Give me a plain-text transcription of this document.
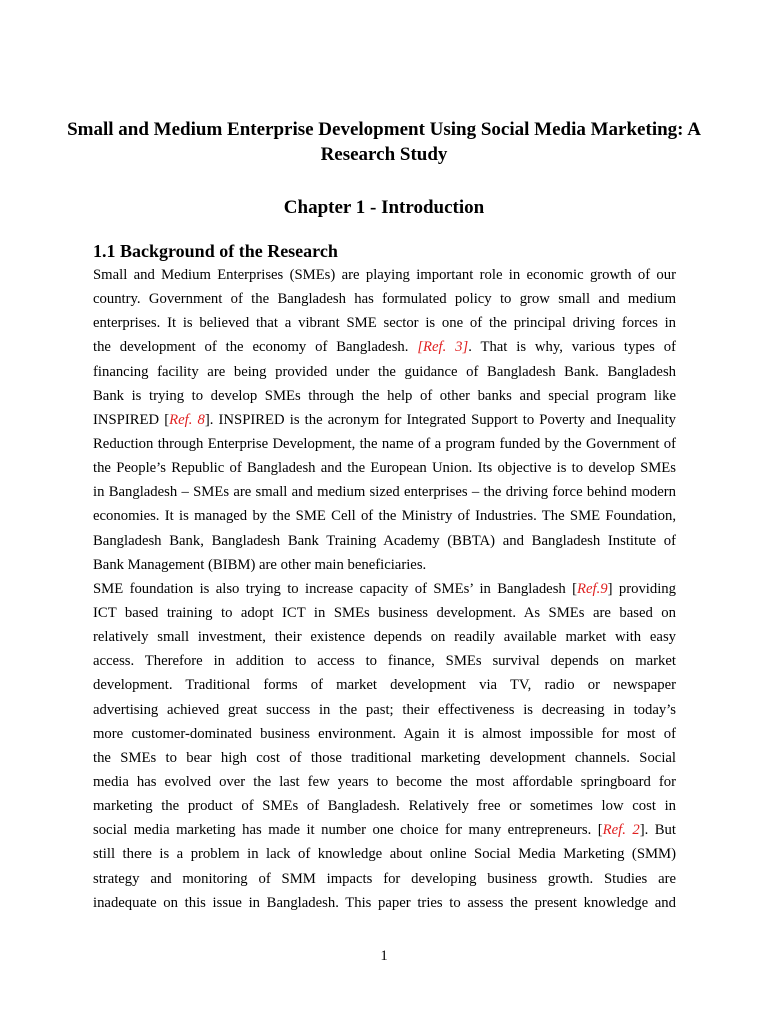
Small and Medium Enterprise Development Using Social Media Marketing: A Research Study
Chapter 1 - Introduction
1.1 Background of the Research
Small and Medium Enterprises (SMEs) are playing important role in economic growth of our
country. Government of the Bangladesh has formulated policy to grow small and medium
enterprises. It is believed that a vibrant SME sector is one of the principal driving forces in
the development of the economy of Bangladesh. [Ref. 3]. That is why, various types of
financing facility are being provided under the guidance of Bangladesh Bank. Bangladesh
Bank is trying to develop SMEs through the help of other banks and special program like
INSPIRED [Ref. 8]. INSPIRED is the acronym for Integrated Support to Poverty and Inequality
Reduction through Enterprise Development, the name of a program funded by the Government of
the People’s Republic of Bangladesh and the European Union. Its objective is to develop SMEs
in Bangladesh – SMEs are small and medium sized enterprises – the driving force behind modern
economies. It is managed by the SME Cell of the Ministry of Industries. The SME Foundation,
Bangladesh Bank, Bangladesh Bank Training Academy (BBTA) and Bangladesh Institute of
Bank Management (BIBM) are other main beneficiaries.
SME foundation is also trying to increase capacity of SMEs’ in Bangladesh [Ref.9] providing
ICT based training to adopt ICT in SMEs business development. As SMEs are based on
relatively small investment, their existence depends on readily available market with easy
access. Therefore in addition to access to finance, SMEs survival depends on market
development. Traditional forms of market development via TV, radio or newspaper
advertising achieved great success in the past; their effectiveness is decreasing in today’s
more customer-dominated business environment. Again it is almost impossible for most of
the SMEs to bear high cost of those traditional marketing development channels. Social
media has evolved over the last few years to become the most affordable springboard for
marketing the product of SMEs of Bangladesh. Relatively free or sometimes low cost in
social media marketing has made it number one choice for many entrepreneurs. [Ref. 2]. But
still there is a problem in lack of knowledge about online Social Media Marketing (SMM)
strategy and monitoring of SMM impacts for developing business growth. Studies are
inadequate on this issue in Bangladesh. This paper tries to assess the present knowledge and
1
